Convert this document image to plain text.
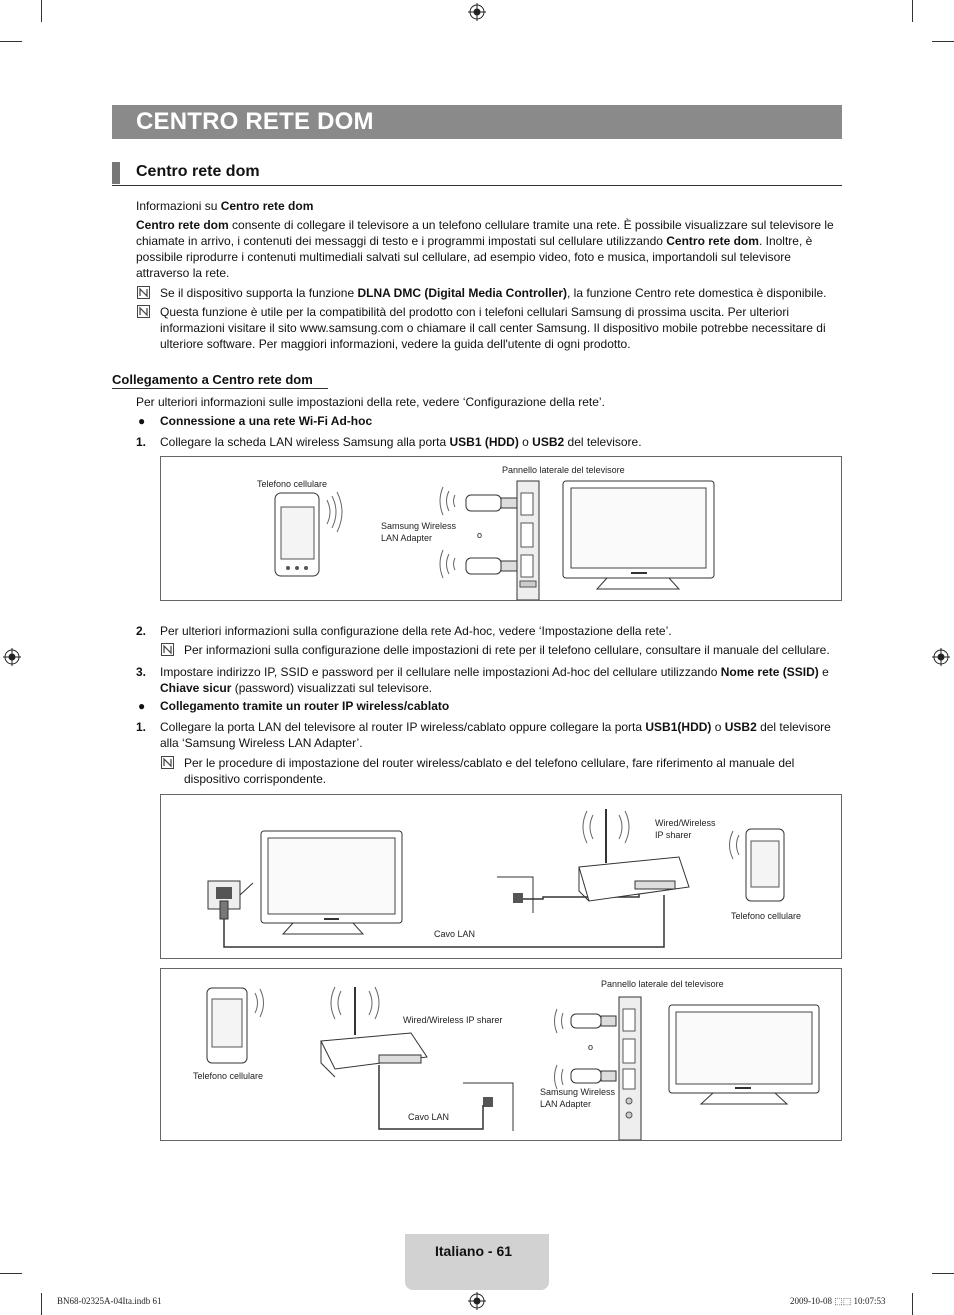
CENTRO RETE DOM
Centro rete dom
Informazioni su Centro rete dom
Centro rete dom consente di collegare il televisore a un telefono cellulare tramite una rete. È possibile visualizzare sul televisore le chiamate in arrivo, i contenuti dei messaggi di testo e i programmi impostati sul cellulare utilizzando Centro rete dom. Inoltre, è possibile riprodurre i contenuti multimediali salvati sul cellulare, ad esempio video, foto e musica, importandoli sul televisore attraverso la rete.
Se il dispositivo supporta la funzione DLNA DMC (Digital Media Controller), la funzione Centro rete domestica è disponibile.
Questa funzione è utile per la compatibilità del prodotto con i telefoni cellulari Samsung di prossima uscita. Per ulteriori informazioni visitare il sito www.samsung.com o chiamare il call center Samsung. Il dispositivo mobile potrebbe necessitare di ulteriore software. Per maggiori informazioni, vedere la guida dell'utente di ogni prodotto.
Collegamento a Centro rete dom
Per ulteriori informazioni sulle impostazioni della rete, vedere ‘Configurazione della rete’.
● Connessione a una rete Wi-Fi Ad-hoc
1. Collegare la scheda LAN wireless Samsung alla porta USB1 (HDD) o USB2 del televisore.
Telefono cellulare
Pannello laterale del televisore
Samsung Wireless
LAN Adapter	o
2. Per ulteriori informazioni sulla configurazione della rete Ad-hoc, vedere ‘Impostazione della rete’.
Per informazioni sulla configurazione delle impostazioni di rete per il telefono cellulare, consultare il manuale del cellulare.
3. Impostare indirizzo IP, SSID e password per il cellulare nelle impostazioni Ad-hoc del cellulare utilizzando Nome rete (SSID) e Chiave sicur (password) visualizzati sul televisore.
● Collegamento tramite un router IP wireless/cablato
1. Collegare la porta LAN del televisore al router IP wireless/cablato oppure collegare la porta USB1(HDD) o USB2 del televisore alla ‘Samsung Wireless LAN Adapter’.
Per le procedure di impostazione del router wireless/cablato e del telefono cellulare, fare riferimento al manuale del dispositivo corrispondente.
Wired/Wireless
IP sharer
Telefono cellulare
Cavo LAN
Pannello laterale del televisore
Wired/Wireless IP sharer
Telefono cellulare
Samsung Wireless
LAN Adapter
Cavo LAN
o
Italiano - 61
BN68-02325A-04Ita.indb 61	2009-10-08 ⬚⬚ 10:07:53
